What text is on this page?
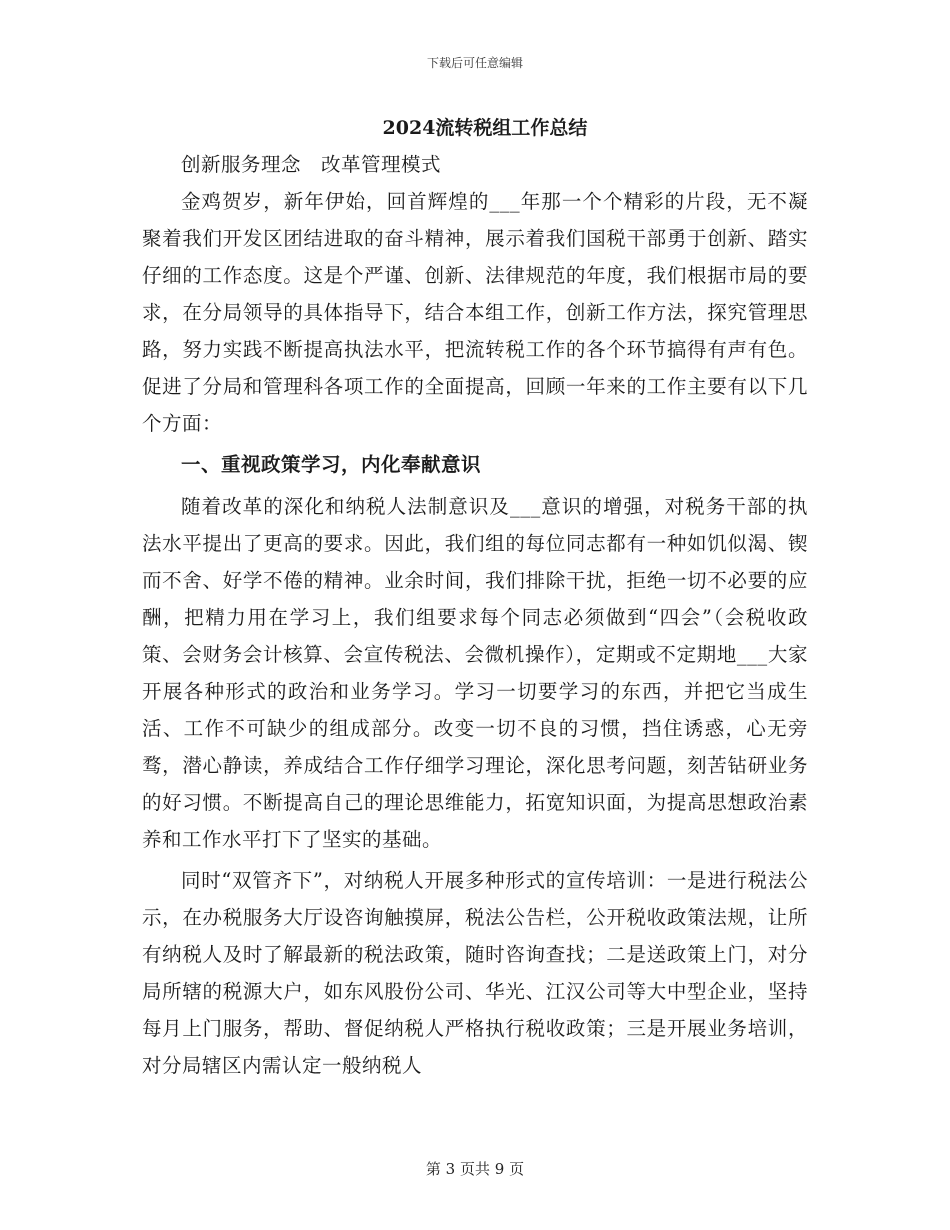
下载后可任意编辑
2024流转税组工作总结

创新服务理念　改革管理模式

金鸡贺岁，新年伊始，回首辉煌的___年那一个个精彩的片段，无不凝聚着我们开发区团结进取的奋斗精神，展示着我们国税干部勇于创新、踏实仔细的工作态度。这是个严谨、创新、法律规范的年度，我们根据市局的要求，在分局领导的具体指导下，结合本组工作，创新工作方法，探究管理思路，努力实践不断提高执法水平，把流转税工作的各个环节搞得有声有色。促进了分局和管理科各项工作的全面提高，回顾一年来的工作主要有以下几个方面：

一、重视政策学习，内化奉献意识

随着改革的深化和纳税人法制意识及___意识的增强，对税务干部的执法水平提出了更高的要求。因此，我们组的每位同志都有一种如饥似渴、锲而不舍、好学不倦的精神。业余时间，我们排除干扰，拒绝一切不必要的应酬，把精力用在学习上，我们组要求每个同志必须做到“四会”（会税收政策、会财务会计核算、会宣传税法、会微机操作），定期或不定期地___大家开展各种形式的政治和业务学习。学习一切要学习的东西，并把它当成生活、工作不可缺少的组成部分。改变一切不良的习惯，挡住诱惑，心无旁骛，潜心静读，养成结合工作仔细学习理论，深化思考问题，刻苦钻研业务的好习惯。不断提高自己的理论思维能力，拓宽知识面，为提高思想政治素养和工作水平打下了坚实的基础。

同时“双管齐下”，对纳税人开展多种形式的宣传培训：一是进行税法公示，在办税服务大厅设咨询触摸屏，税法公告栏，公开税收政策法规，让所有纳税人及时了解最新的税法政策，随时咨询查找；二是送政策上门，对分局所辖的税源大户，如东风股份公司、华光、江汉公司等大中型企业，坚持每月上门服务，帮助、督促纳税人严格执行税收政策；三是开展业务培训，对分局辖区内需认定一般纳税人

第 3 页共 9 页
